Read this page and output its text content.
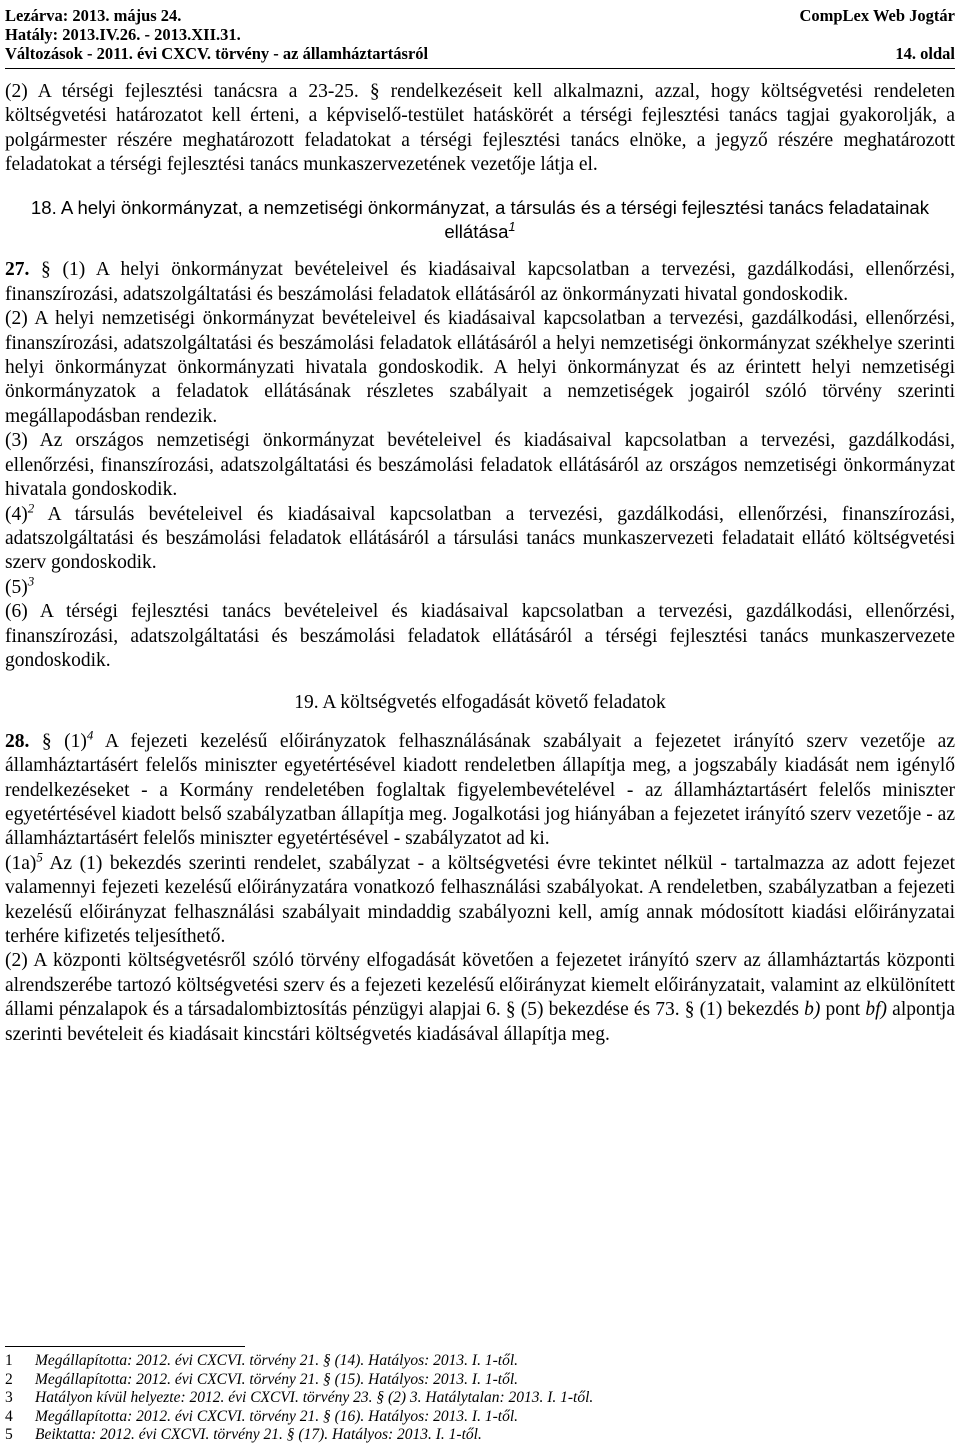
Lezárva: 2013. május 24.	CompLex Web Jogtár
Hatály: 2013.IV.26. - 2013.XII.31.
Változások - 2011. évi CXCV. törvény - az államháztartásról	14. oldal

(2) A térségi fejlesztési tanácsra a 23-25. § rendelkezéseit kell alkalmazni, azzal, hogy költségvetési rendeleten költségvetési határozatot kell érteni, a képviselő-testület hatáskörét a térségi fejlesztési tanács tagjai gyakorolják, a polgármester részére meghatározott feladatokat a térségi fejlesztési tanács elnöke, a jegyző részére meghatározott feladatokat a térségi fejlesztési tanács munkaszervezetének vezetője látja el.

18. A helyi önkormányzat, a nemzetiségi önkormányzat, a társulás és a térségi fejlesztési tanács feladatainak ellátása$^1$

27. § (1) A helyi önkormányzat bevételeivel és kiadásaival kapcsolatban a tervezési, gazdálkodási, ellenőrzési, finanszírozási, adatszolgáltatási és beszámolási feladatok ellátásáról az önkormányzati hivatal gondoskodik.

(2) A helyi nemzetiségi önkormányzat bevételeivel és kiadásaival kapcsolatban a tervezési, gazdálkodási, ellenőrzési, finanszírozási, adatszolgáltatási és beszámolási feladatok ellátásáról a helyi nemzetiségi önkormányzat székhelye szerinti helyi önkormányzat önkormányzati hivatala gondoskodik. A helyi önkormányzat és az érintett helyi nemzetiségi önkormányzatok a feladatok ellátásának részletes szabályait a nemzetiségek jogairól szóló törvény szerinti megállapodásban rendezik.

(3) Az országos nemzetiségi önkormányzat bevételeivel és kiadásaival kapcsolatban a tervezési, gazdálkodási, ellenőrzési, finanszírozási, adatszolgáltatási és beszámolási feladatok ellátásáról az országos nemzetiségi önkormányzat hivatala gondoskodik.

$(4)^2$ A társulás bevételeivel és kiadásaival kapcsolatban a tervezési, gazdálkodási, ellenőrzési, finanszírozási, adatszolgáltatási és beszámolási feladatok ellátásáról a társulási tanács munkaszervezeti feladatait ellátó költségvetési szerv gondoskodik.

$(5)^3$

(6) A térségi fejlesztési tanács bevételeivel és kiadásaival kapcsolatban a tervezési, gazdálkodási, ellenőrzési, finanszírozási, adatszolgáltatási és beszámolási feladatok ellátásáról a térségi fejlesztési tanács munkaszervezete gondoskodik.

19. A költségvetés elfogadását követő feladatok

28. § $(1)^4$ A fejezeti kezelésű előirányzatok felhasználásának szabályait a fejezetet irányító szerv vezetője az államháztartásért felelős miniszter egyetértésével kiadott rendeletben állapítja meg, a jogszabály kiadását nem igénylő rendelkezéseket - a Kormány rendeletében foglaltak figyelembevételével - az államháztartásért felelős miniszter egyetértésével kiadott belső szabályzatban állapítja meg. Jogalkotási jog hiányában a fejezetet irányító szerv vezetője - az államháztartásért felelős miniszter egyetértésével - szabályzatot ad ki.

$(1a)^5$ Az (1) bekezdés szerinti rendelet, szabályzat - a költségvetési évre tekintet nélkül - tartalmazza az adott fejezet valamennyi fejezeti kezelésű előirányzatára vonatkozó felhasználási szabályokat. A rendeletben, szabályzatban a fejezeti kezelésű előirányzat felhasználási szabályait mindaddig szabályozni kell, amíg annak módosított kiadási előirányzatai terhére kifizetés teljesíthető.

(2) A központi költségvetésről szóló törvény elfogadását követően a fejezetet irányító szerv az államháztartás központi alrendszerébe tartozó költségvetési szerv és a fejezeti kezelésű előirányzat kiemelt előirányzatait, valamint az elkülönített állami pénzalapok és a társadalombiztosítás pénzügyi alapjai 6. § (5) bekezdése és 73. § (1) bekezdés b) pont bf) alpontja szerinti bevételeit és kiadásait kincstári költségvetés kiadásával állapítja meg.

1	Megállapította: 2012. évi CXCVI. törvény 21. § (14). Hatályos: 2013. I. 1-től.
2	Megállapította: 2012. évi CXCVI. törvény 21. § (15). Hatályos: 2013. I. 1-től.
3	Hatályon kívül helyezte: 2012. évi CXCVI. törvény 23. § (2) 3. Hatálytalan: 2013. I. 1-től.
4	Megállapította: 2012. évi CXCVI. törvény 21. § (16). Hatályos: 2013. I. 1-től.
5	Beiktatta: 2012. évi CXCVI. törvény 21. § (17). Hatályos: 2013. I. 1-től.
